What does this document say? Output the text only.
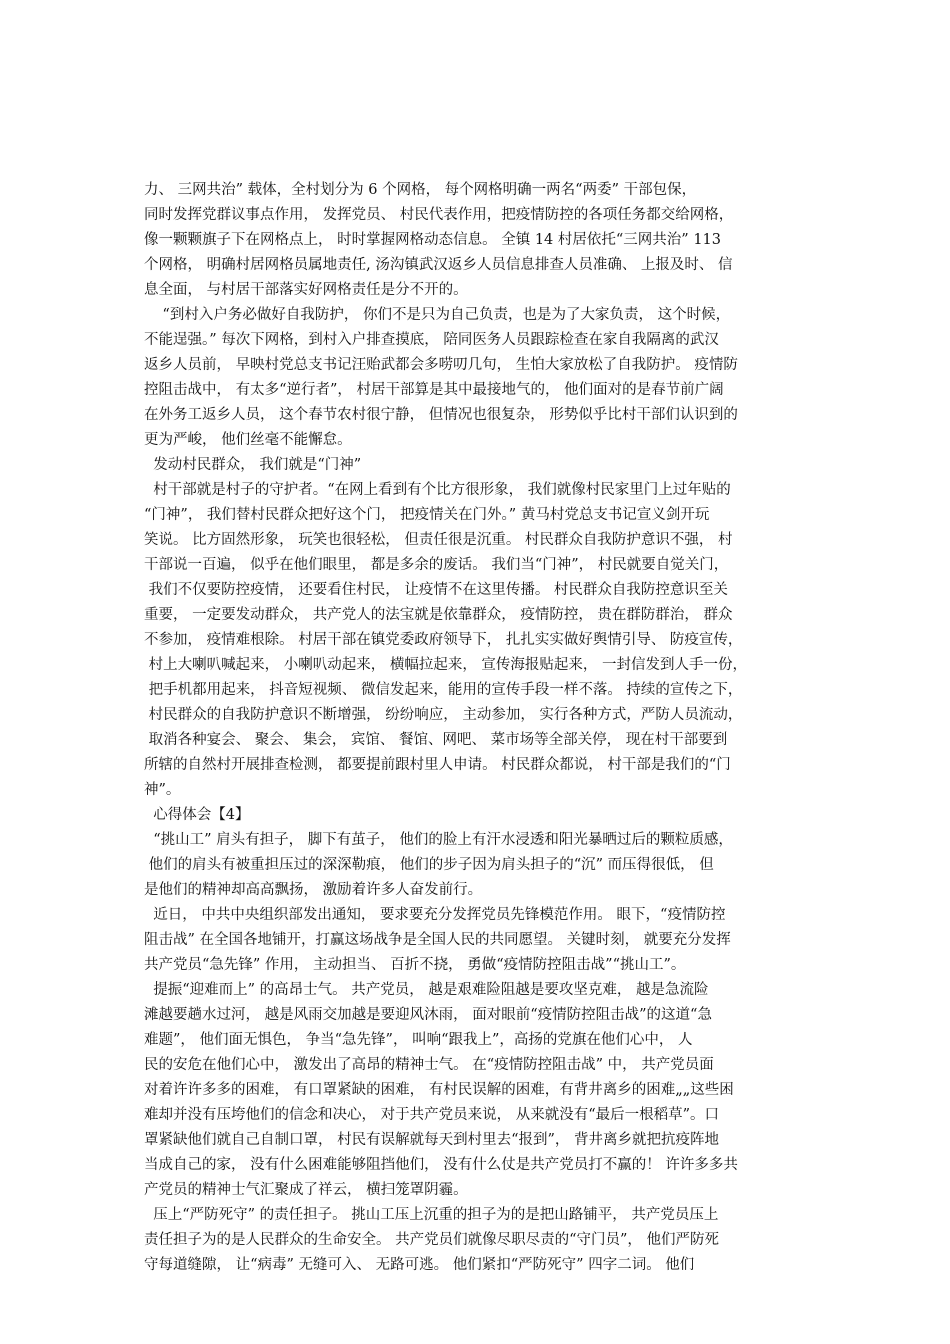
力、 三网共治” 载体，全村划分为 6 个网格， 每个网格明确一两名“两委” 干部包保，
同时发挥党群议事点作用， 发挥党员、 村民代表作用，把疫情防控的各项任务都交给网格，
像一颗颗旗子下在网格点上， 时时掌握网格动态信息。 全镇 14 村居依托“三网共治” 113
个网格， 明确村居网格员属地责任, 汤沟镇武汉返乡人员信息排查人员准确、 上报及时、 信
息全面， 与村居干部落实好网格责任是分不开的。
“到村入户务必做好自我防护， 你们不是只为自己负责，也是为了大家负责， 这个时候，
不能逞强。” 每次下网格，到村入户排查摸底， 陪同医务人员跟踪检查在家自我隔离的武汉
返乡人员前， 早映村党总支书记汪贻武都会多唠叨几句， 生怕大家放松了自我防护。 疫情防
控阻击战中， 有太多“逆行者”， 村居干部算是其中最接地气的， 他们面对的是春节前广阔
在外务工返乡人员， 这个春节农村很宁静， 但情况也很复杂， 形势似乎比村干部们认识到的
更为严峻， 他们丝毫不能懈怠。
发动村民群众， 我们就是“门神”
村干部就是村子的守护者。“在网上看到有个比方很形象， 我们就像村民家里门上过年贴的
“门神”， 我们替村民群众把好这个门， 把疫情关在门外。” 黄马村党总支书记宣义剑开玩
笑说。 比方固然形象， 玩笑也很轻松， 但责任很是沉重。 村民群众自我防护意识不强， 村
干部说一百遍， 似乎在他们眼里， 都是多余的废话。 我们当“门神”， 村民就要自觉关门，
我们不仅要防控疫情， 还要看住村民， 让疫情不在这里传播。 村民群众自我防控意识至关
重要， 一定要发动群众， 共产党人的法宝就是依靠群众， 疫情防控， 贵在群防群治， 群众
不参加， 疫情难根除。 村居干部在镇党委政府领导下， 扎扎实实做好舆情引导、 防疫宣传，
村上大喇叭喊起来， 小喇叭动起来， 横幅拉起来， 宣传海报贴起来， 一封信发到人手一份，
把手机都用起来， 抖音短视频、 微信发起来，能用的宣传手段一样不落。 持续的宣传之下，
村民群众的自我防护意识不断增强， 纷纷响应， 主动参加， 实行各种方式，严防人员流动，
取消各种宴会、 聚会、 集会， 宾馆、 餐馆、网吧、 菜市场等全部关停， 现在村干部要到
所辖的自然村开展排查检测， 都要提前跟村里人申请。 村民群众都说， 村干部是我们的“门
神”。
心得体会【4】
“挑山工” 肩头有担子， 脚下有茧子， 他们的脸上有汗水浸透和阳光暴晒过后的颗粒质感，
他们的肩头有被重担压过的深深勒痕， 他们的步子因为肩头担子的“沉” 而压得很低， 但
是他们的精神却高高飘扬， 激励着许多人奋发前行。
近日， 中共中央组织部发出通知， 要求要充分发挥党员先锋模范作用。 眼下，“疫情防控
阻击战” 在全国各地铺开，打赢这场战争是全国人民的共同愿望。 关键时刻， 就要充分发挥
共产党员“急先锋” 作用， 主动担当、 百折不挠， 勇做“疫情防控阻击战”“挑山工”。
提振“迎难而上” 的高昂士气。 共产党员， 越是艰难险阻越是要攻坚克难， 越是急流险
滩越要趟水过河， 越是风雨交加越是要迎风沐雨， 面对眼前“疫情防控阻击战”的这道“急
难题”， 他们面无惧色， 争当“急先锋”， 叫响“跟我上”，高扬的党旗在他们心中， 人
民的安危在他们心中， 激发出了高昂的精神士气。 在“疫情防控阻击战” 中， 共产党员面
对着许许多多的困难， 有口罩紧缺的困难， 有村民误解的困难，有背井离乡的困难„„这些困
难却并没有压垮他们的信念和决心， 对于共产党员来说， 从来就没有“最后一根稻草”。口
罩紧缺他们就自己自制口罩， 村民有误解就每天到村里去“报到”， 背井离乡就把抗疫阵地
当成自己的家， 没有什么困难能够阻挡他们， 没有什么仗是共产党员打不赢的！ 许许多多共
产党员的精神士气汇聚成了祥云， 横扫笼罩阴霾。
压上“严防死守” 的责任担子。 挑山工压上沉重的担子为的是把山路铺平， 共产党员压上
责任担子为的是人民群众的生命安全。 共产党员们就像尽职尽责的“守门员”， 他们严防死
守每道缝隙， 让“病毒” 无缝可入、 无路可逃。 他们紧扣“严防死守” 四字二词。 他们
